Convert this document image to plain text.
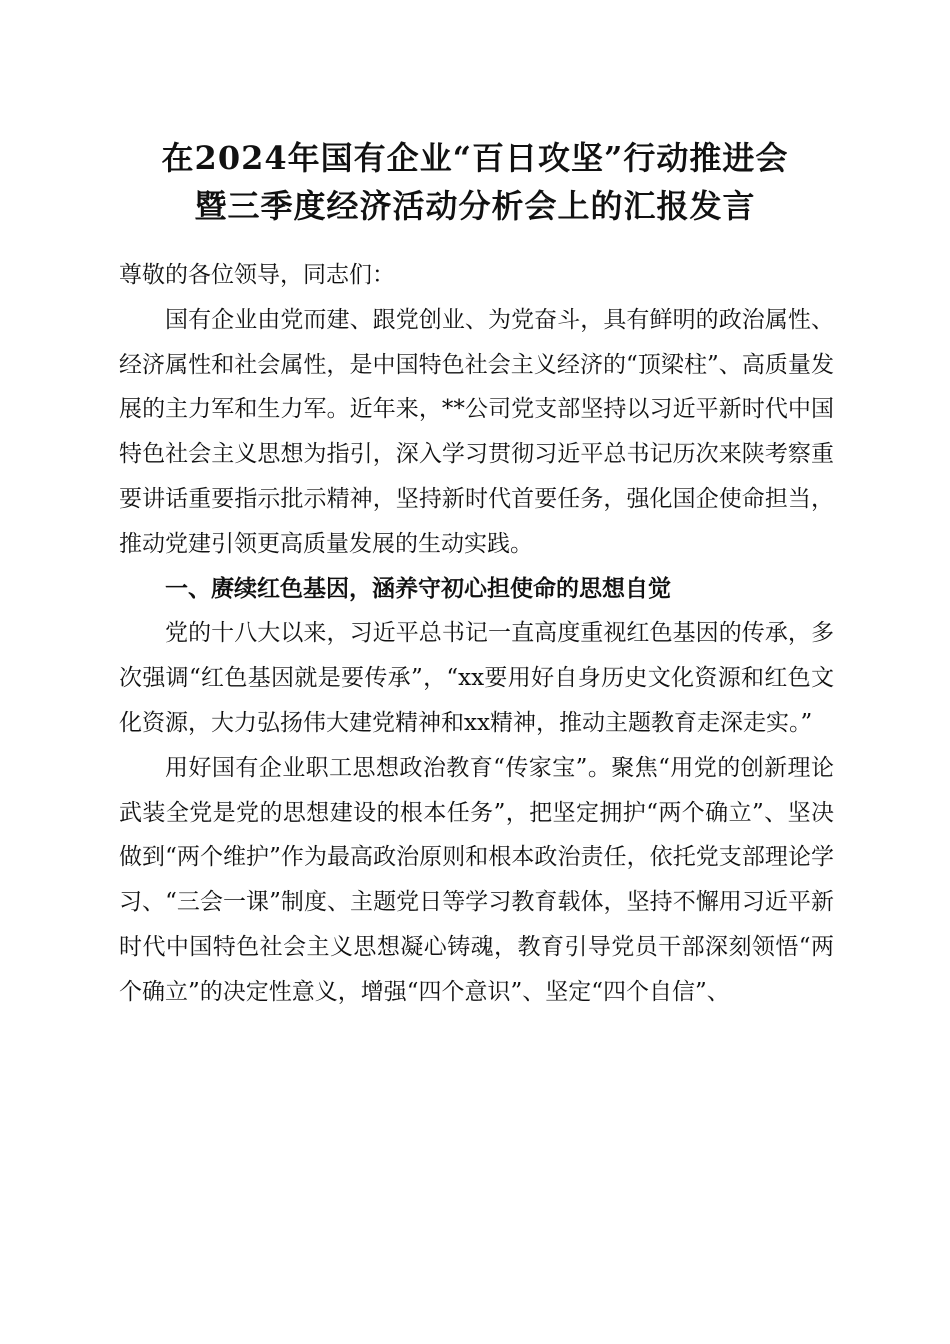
在2024年国有企业“百日攻坚”行动推进会
暨三季度经济活动分析会上的汇报发言

尊敬的各位领导，同志们：

国有企业由党而建、跟党创业、为党奋斗，具有鲜明的政治属性、经济属性和社会属性，是中国特色社会主义经济的“顶梁柱”、高质量发展的主力军和生力军。近年来，**公司党支部坚持以习近平新时代中国特色社会主义思想为指引，深入学习贯彻习近平总书记历次来陕考察重要讲话重要指示批示精神，坚持新时代首要任务，强化国企使命担当，推动党建引领更高质量发展的生动实践。

一、赓续红色基因，涵养守初心担使命的思想自觉

党的十八大以来，习近平总书记一直高度重视红色基因的传承，多次强调“红色基因就是要传承”，“xx要用好自身历史文化资源和红色文化资源，大力弘扬伟大建党精神和xx精神，推动主题教育走深走实。”

用好国有企业职工思想政治教育“传家宝”。聚焦“用党的创新理论武装全党是党的思想建设的根本任务”，把坚定拥护“两个确立”、坚决做到“两个维护”作为最高政治原则和根本政治责任，依托党支部理论学习、“三会一课”制度、主题党日等学习教育载体，坚持不懈用习近平新时代中国特色社会主义思想凝心铸魂，教育引导党员干部深刻领悟“两个确立”的决定性意义，增强“四个意识”、坚定“四个自信”、
